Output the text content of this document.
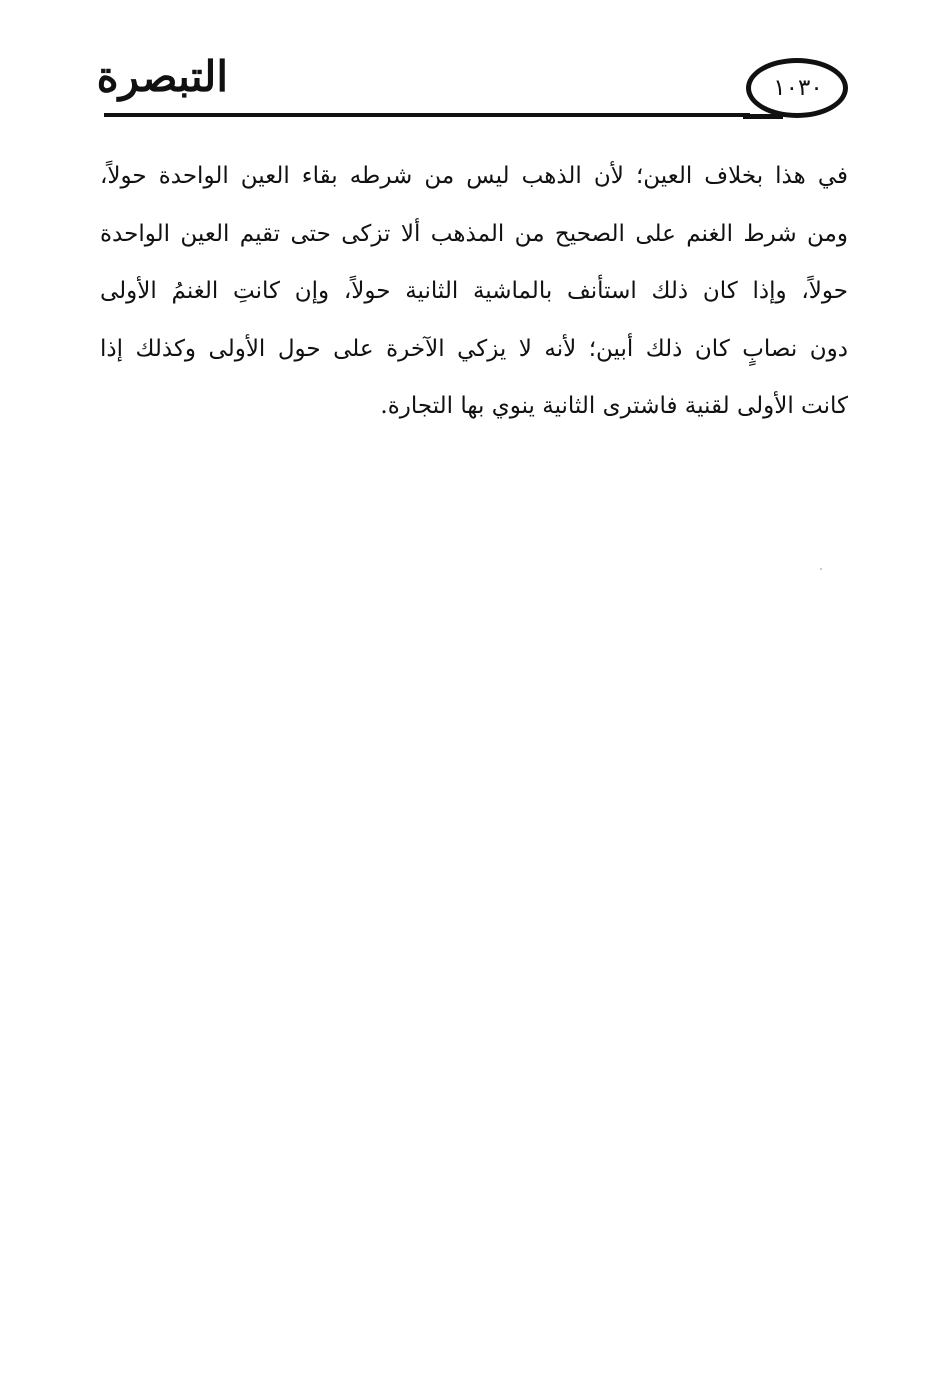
التبصرة	١٠٣٠
في هذا بخلاف العين؛ لأن الذهب ليس من شرطه بقاء العين الواحدة حولاً،
ومن شرط الغنم على الصحيح من المذهب ألا تزكى حتى تقيم العين الواحدة
حولاً، وإذا كان ذلك استأنف بالماشية الثانية حولاً، وإن كانتِ الغنمُ الأولى
دون نصابٍ كان ذلك أبين؛ لأنه لا يزكي الآخرة على حول الأولى وكذلك إذا
كانت الأولى لقنية فاشترى الثانية ينوي بها التجارة.
